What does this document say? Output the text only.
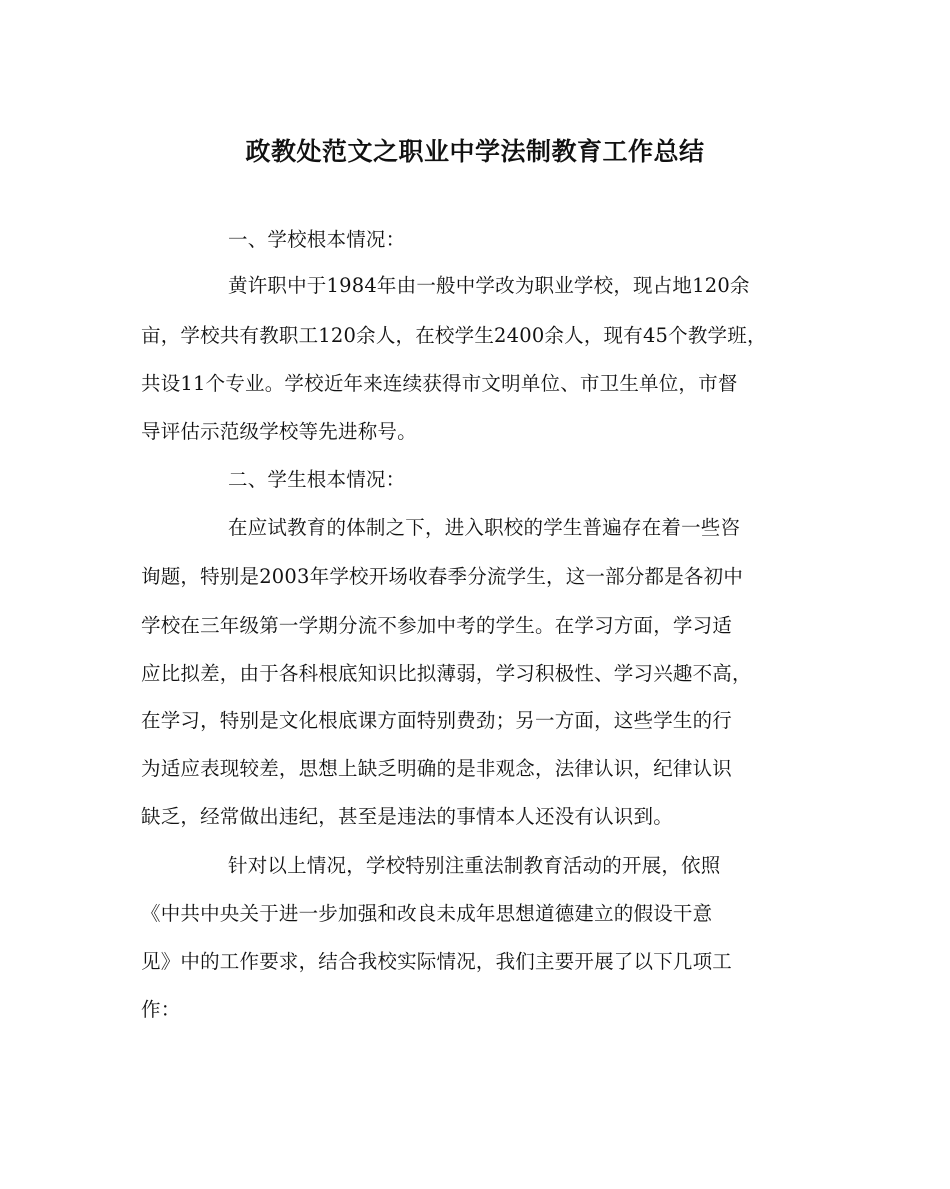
政教处范文之职业中学法制教育工作总结
一、学校根本情况：
黄许职中于1984年由一般中学改为职业学校，现占地120余
亩，学校共有教职工120余人，在校学生2400余人，现有45个教学班，
共设11个专业。学校近年来连续获得市文明单位、市卫生单位，市督
导评估示范级学校等先进称号。
二、学生根本情况：
在应试教育的体制之下，进入职校的学生普遍存在着一些咨
询题，特别是2003年学校开场收春季分流学生，这一部分都是各初中
学校在三年级第一学期分流不参加中考的学生。在学习方面，学习适
应比拟差，由于各科根底知识比拟薄弱，学习积极性、学习兴趣不高，
在学习，特别是文化根底课方面特别费劲；另一方面，这些学生的行
为适应表现较差，思想上缺乏明确的是非观念，法律认识，纪律认识
缺乏，经常做出违纪，甚至是违法的事情本人还没有认识到。
针对以上情况，学校特别注重法制教育活动的开展，依照
《中共中央关于进一步加强和改良未成年思想道德建立的假设干意
见》中的工作要求，结合我校实际情况，我们主要开展了以下几项工
作：
